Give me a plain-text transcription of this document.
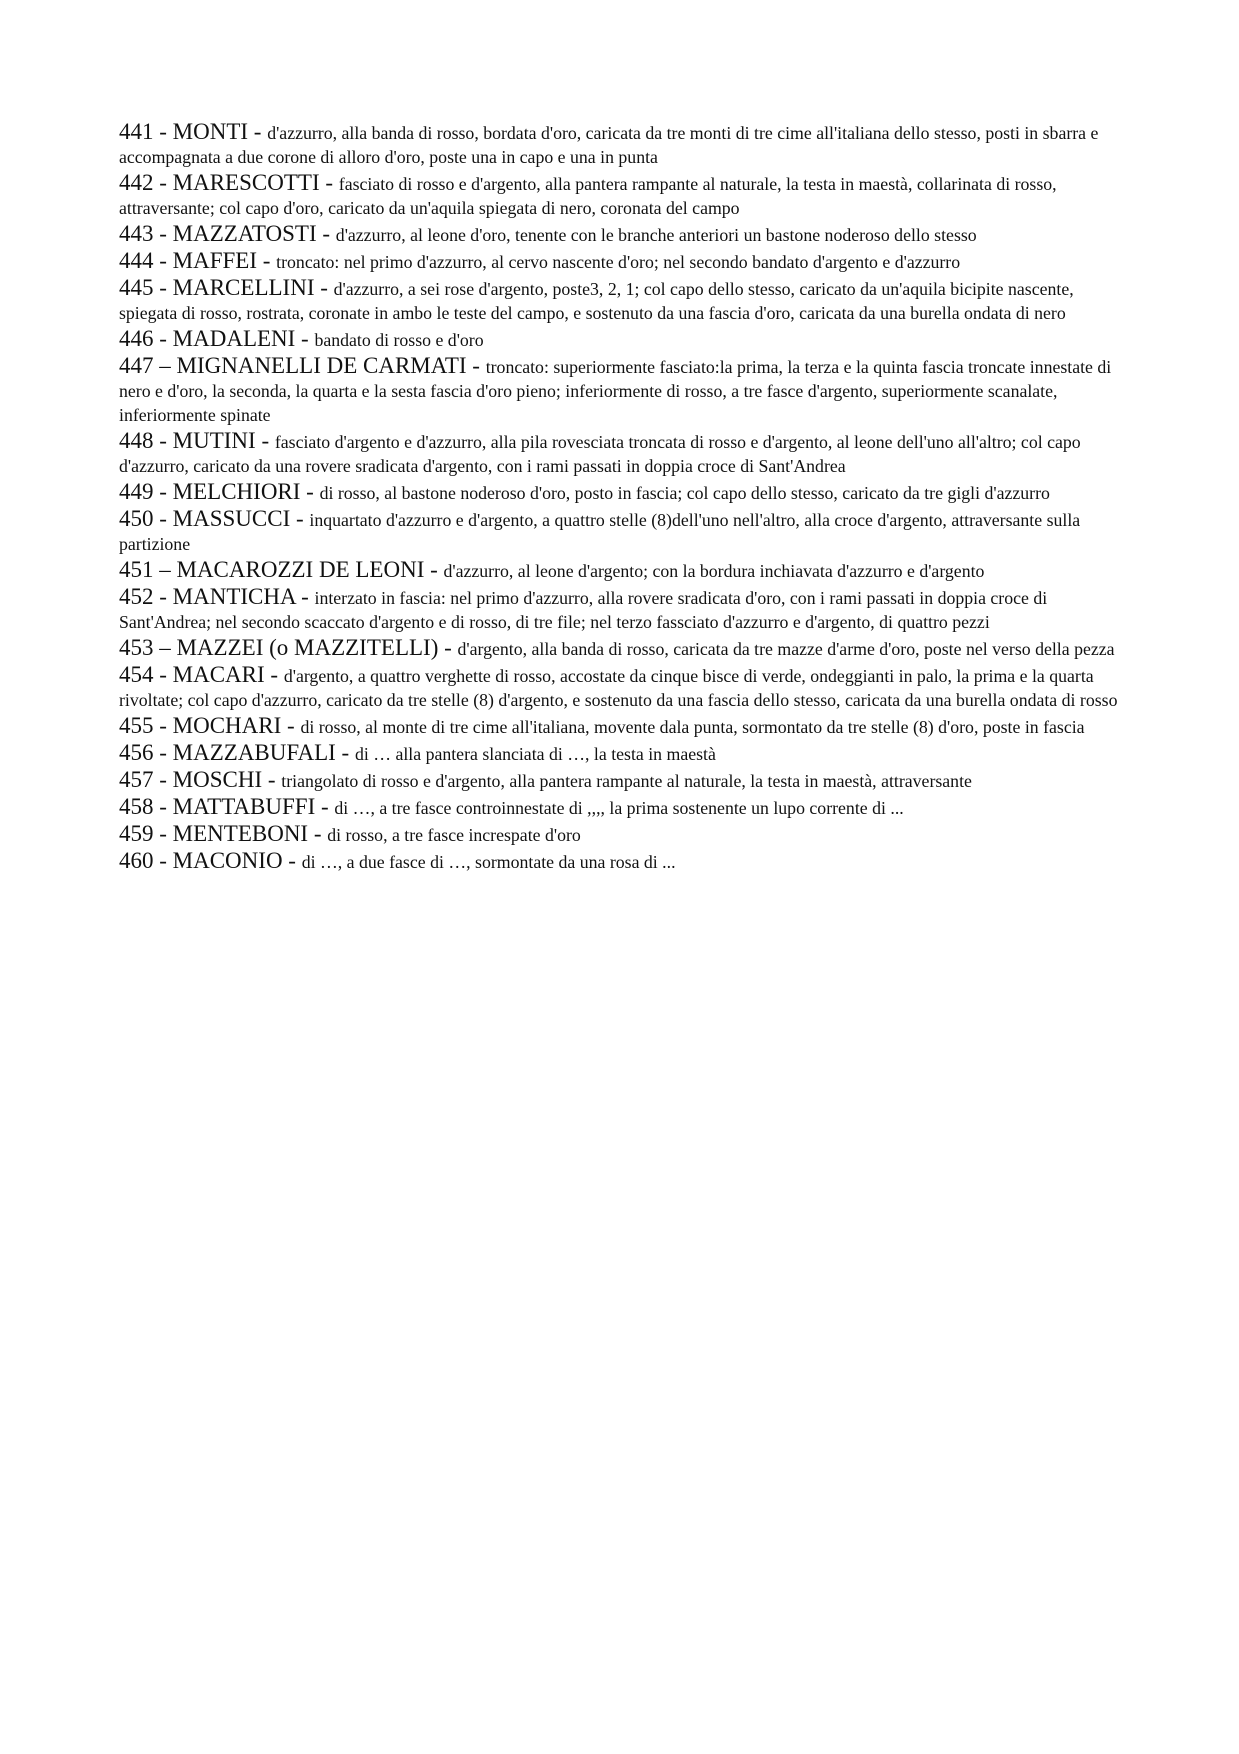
441 - MONTI - d'azzurro, alla banda di rosso, bordata d'oro, caricata da tre monti di tre cime all'italiana dello stesso, posti in sbarra e accompagnata a due corone di alloro d'oro, poste una in capo e una in punta

442 - MARESCOTTI - fasciato di rosso e d'argento, alla pantera rampante al naturale, la testa in maestà, collarinata di rosso, attraversante; col capo d'oro, caricato da un'aquila spiegata di nero, coronata del campo

443 - MAZZATOSTI - d'azzurro, al leone d'oro, tenente con le branche anteriori un bastone noderoso dello stesso

444 - MAFFEI - troncato: nel primo d'azzurro, al cervo nascente d'oro; nel secondo bandato d'argento e d'azzurro

445 - MARCELLINI - d'azzurro, a sei rose d'argento, poste3, 2, 1; col capo dello stesso, caricato da un'aquila bicipite nascente, spiegata di rosso, rostrata, coronate in ambo le teste del campo, e sostenuto da una fascia d'oro, caricata da una burella ondata di nero

446 - MADALENI - bandato di rosso e d'oro

447 – MIGNANELLI DE CARMATI - troncato: superiormente fasciato:la prima, la terza e la quinta fascia troncate innestate di nero e d'oro, la seconda, la quarta e la sesta fascia d'oro pieno; inferiormente di rosso, a tre fasce d'argento, superiormente scanalate, inferiormente spinate

448 - MUTINI - fasciato d'argento e d'azzurro, alla pila rovesciata troncata di rosso e d'argento, al leone dell'uno all'altro; col capo d'azzurro, caricato da una rovere sradicata d'argento, con i rami passati in doppia croce di Sant'Andrea

449 - MELCHIORI - di rosso, al bastone noderoso d'oro, posto in fascia; col capo dello stesso, caricato da tre gigli d'azzurro

450 - MASSUCCI - inquartato d'azzurro e d'argento, a quattro stelle (8)dell'uno nell'altro, alla croce d'argento, attraversante sulla partizione

451 – MACAROZZI DE LEONI - d'azzurro, al leone d'argento; con la bordura inchiavata d'azzurro e d'argento

452 - MANTICHA - interzato in fascia: nel primo d'azzurro, alla rovere sradicata d'oro, con i rami passati in doppia croce di Sant'Andrea; nel secondo scaccato d'argento e di rosso, di tre file; nel terzo fassciato d'azzurro e d'argento, di quattro pezzi

453 – MAZZEI (o MAZZITELLI) - d'argento, alla banda di rosso, caricata da tre mazze d'arme d'oro, poste nel verso della pezza

454 - MACARI - d'argento, a quattro verghette di rosso, accostate da cinque bisce di verde, ondeggianti in palo, la prima e la quarta rivoltate; col capo d'azzurro, caricato da tre stelle (8) d'argento, e sostenuto da una fascia dello stesso, caricata da una burella ondata di rosso

455 - MOCHARI - di rosso, al monte di tre cime all'italiana, movente dala punta, sormontato da tre stelle (8) d'oro, poste in fascia

456 - MAZZABUFALI - di … alla pantera slanciata di …, la testa in maestà

457 - MOSCHI - triangolato di rosso e d'argento, alla pantera rampante al naturale, la testa in maestà, attraversante

458 - MATTABUFFI - di …, a tre fasce controinnestate di ,,,, la prima sostenente un lupo corrente di ...

459 - MENTEBONI - di rosso, a tre fasce increspate d'oro

460 - MACONIO - di …, a due fasce di …, sormontate da una rosa di ...
